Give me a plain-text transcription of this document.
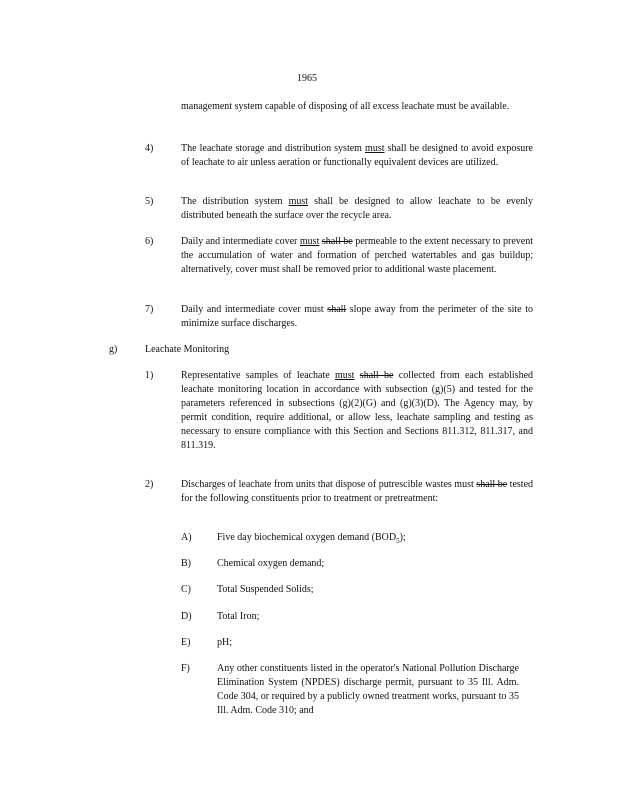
1965
management system capable of disposing of all excess leachate must be available.
4)	The leachate storage and distribution system must shall be designed to avoid exposure of leachate to air unless aeration or functionally equivalent devices are utilized.
5)	The distribution system must shall be designed to allow leachate to be evenly distributed beneath the surface over the recycle area.
6)	Daily and intermediate cover must shall be permeable to the extent necessary to prevent the accumulation of water and formation of perched watertables and gas buildup; alternatively, cover must shall be removed prior to additional waste placement.
7)	Daily and intermediate cover must shall slope away from the perimeter of the site to minimize surface discharges.
g)	Leachate Monitoring
1)	Representative samples of leachate must shall be collected from each established leachate monitoring location in accordance with subsection (g)(5) and tested for the parameters referenced in subsections (g)(2)(G) and (g)(3)(D). The Agency may, by permit condition, require additional, or allow less, leachate sampling and testing as necessary to ensure compliance with this Section and Sections 811.312, 811.317, and 811.319.
2)	Discharges of leachate from units that dispose of putrescible wastes must shall be tested for the following constituents prior to treatment or pretreatment:
A)	Five day biochemical oxygen demand $(BOD_5)$;
B)	Chemical oxygen demand;
C)	Total Suspended Solids;
D)	Total Iron;
E)	pH;
F)	Any other constituents listed in the operator's National Pollution Discharge Elimination System (NPDES) discharge permit, pursuant to 35 Ill. Adm. Code 304, or required by a publicly owned treatment works, pursuant to 35 Ill. Adm. Code 310; and
